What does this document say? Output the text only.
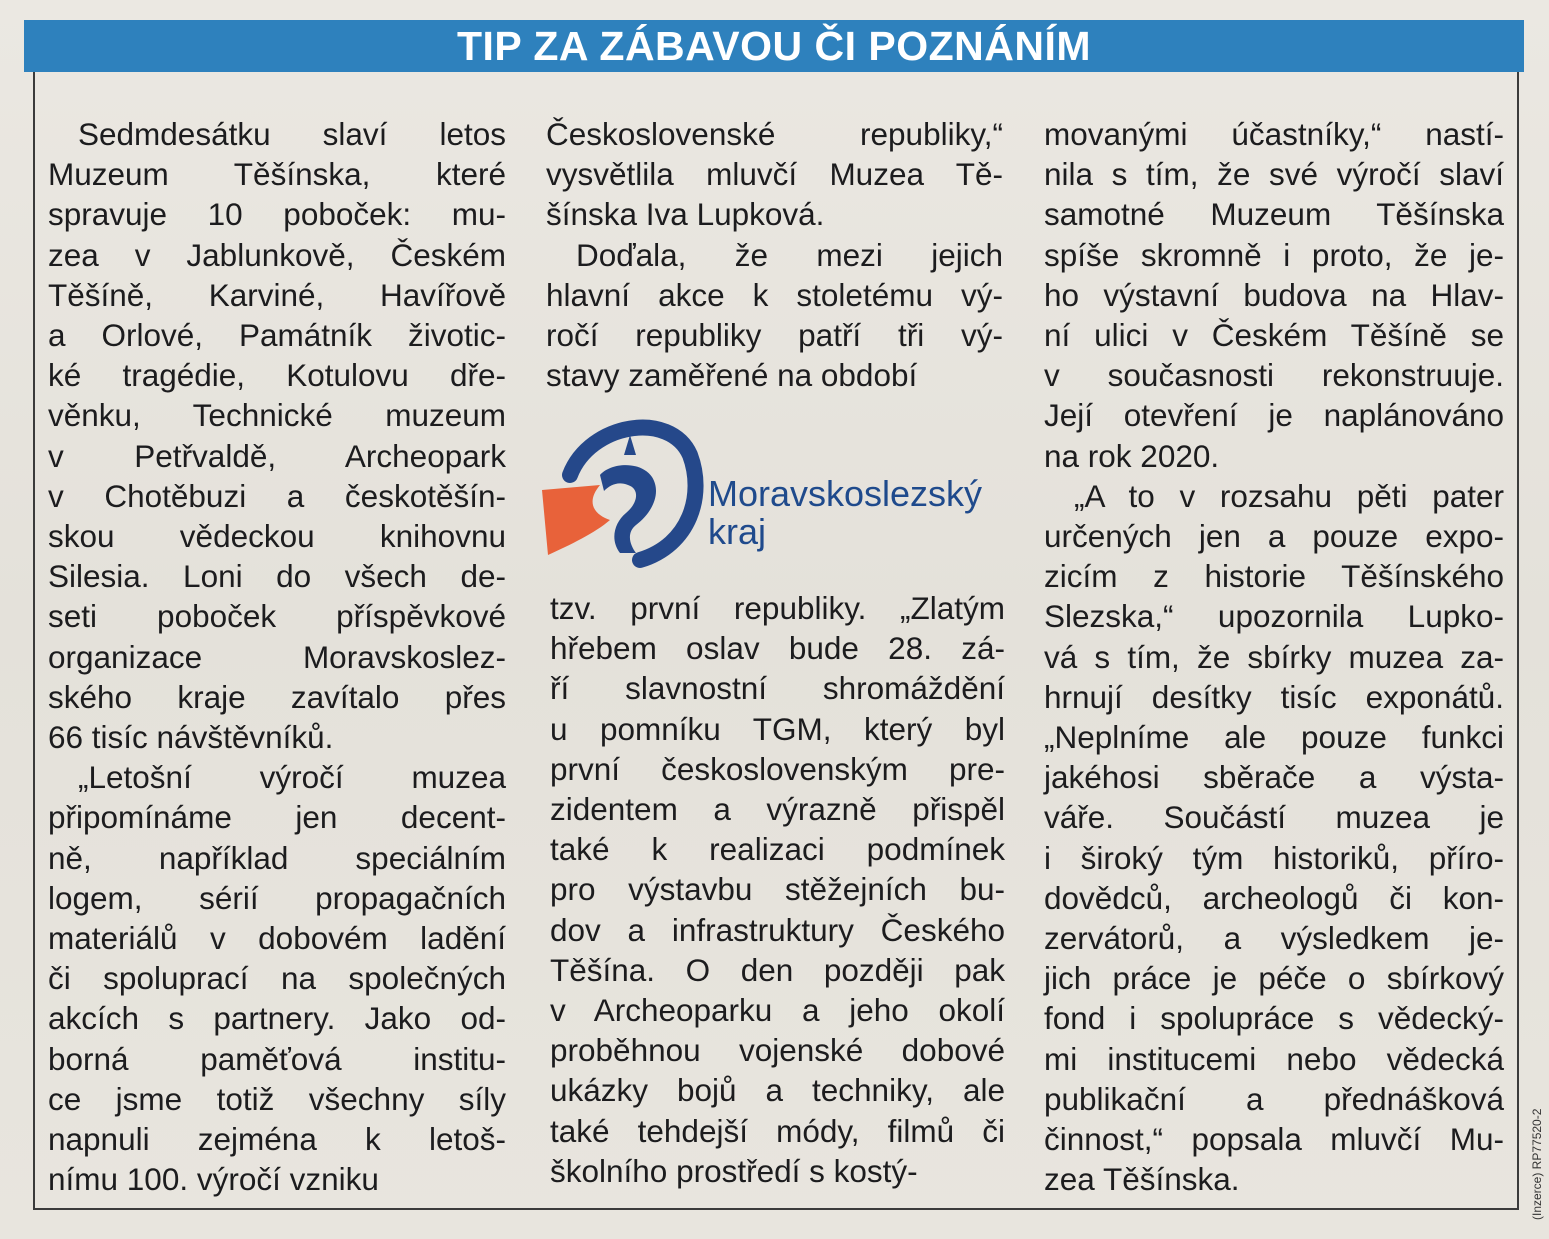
TIP ZA ZÁBAVOU ČI POZNÁNÍM
Sedmdesátku slaví letos
Muzeum Těšínska, které
spravuje 10 poboček: mu-
zea v Jablunkově, Českém
Těšíně, Karviné, Havířově
a Orlové, Památník životic-
ké tragédie, Kotulovu dře-
věnku, Technické muzeum
v Petřvaldě, Archeopark
v Chotěbuzi a českotěšín-
skou vědeckou knihovnu
Silesia. Loni do všech de-
seti poboček příspěvkové
organizace Moravskoslez-
ského kraje zavítalo přes
66 tisíc návštěvníků.
„Letošní výročí muzea
připomínáme jen decent-
ně, například speciálním
logem, sérií propagačních
materiálů v dobovém ladění
či spoluprací na společných
akcích s partnery. Jako od-
borná paměťová institu-
ce jsme totiž všechny síly
napnuli zejména k letoš-
nímu 100. výročí vzniku
Československé republiky,“
vysvětlila mluvčí Muzea Tě-
šínska Iva Lupková.
Doďala, že mezi jejich
hlavní akce k stoletému vý-
ročí republiky patří tři vý-
stavy zaměřené na období
Moravskoslezský
kraj
tzv. první republiky. „Zlatým
hřebem oslav bude 28. zá-
ří slavnostní shromáždění
u pomníku TGM, který byl
první československým pre-
zidentem a výrazně přispěl
také k realizaci podmínek
pro výstavbu stěžejních bu-
dov a infrastruktury Českého
Těšína. O den později pak
v Archeoparku a jeho okolí
proběhnou vojenské dobové
ukázky bojů a techniky, ale
také tehdejší módy, filmů či
školního prostředí s kostý-
movanými účastníky,“ nastí-
nila s tím, že své výročí slaví
samotné Muzeum Těšínska
spíše skromně i proto, že je-
ho výstavní budova na Hlav-
ní ulici v Českém Těšíně se
v současnosti rekonstruuje.
Její otevření je naplánováno
na rok 2020.
„A to v rozsahu pěti pater
určených jen a pouze expo-
zicím z historie Těšínského
Slezska,“ upozornila Lupko-
vá s tím, že sbírky muzea za-
hrnují desítky tisíc exponátů.
„Neplníme ale pouze funkci
jakéhosi sběrače a výsta-
váře. Součástí muzea je
i široký tým historiků, příro-
dovědců, archeologů či kon-
zervátorů, a výsledkem je-
jich práce je péče o sbírkový
fond i spolupráce s vědecký-
mi institucemi nebo vědecká
publikační a přednášková
činnost,“ popsala mluvčí Mu-
zea Těšínska.	(Inzerce) RP77520-2
